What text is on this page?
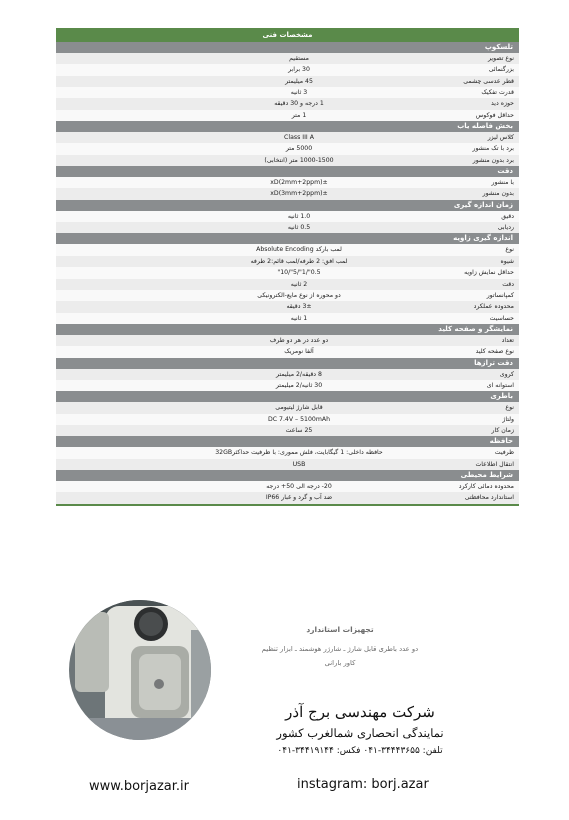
مشخصات فنی
تلسکوپ
نوع تصویر
مستقیم
بزرگنمائی
30 برابر
قطر عدسی چشمی
45 میلیمتر
قدرت تفکیک
3 ثانیه
حوزه دید
1 درجه و 30 دقیقه
حداقل فوکوس
1 متر
بخش فاصله یاب
کلاس لیزر
Class III A
برد با تک منشور
5000 متر
برد بدون منشور
1000-1500 متر (انتخابی)
دقت
با منشور
±(2mm+2ppm)xD
بدون منشور
±(3mm+2ppm)xD
زمان اندازه گیری
دقیق
1.0 ثانیه
ردیابی
0.5 ثانیه
اندازه گیری زاویه
نوع
لمب بارکد Absolute Encoding
شیوه
لمب افق: 2 طرفه/لمب قائم:2 طرفه
حداقل نمایش زاویه
0.5"/1"/5"/10"
دقت
2 ثانیه
کمپانساتور
دو محوره از نوع مایع-الکترونیکی
محدوده عملکرد
3± دقیقه
حساسیت
1 ثانیه
نمایشگر و صفحه کلید
تعداد
دو عدد در هر دو طرف
نوع صفحه کلید
آلفا نومریک
دقت ترازها
کروی
8 دقیقه/2 میلیمتر
استوانه ای
30 ثانیه/2 میلیمتر
باطری
نوع
قابل شارژ لیتیومی
ولتاژ
DC 7.4V – 5100mAh
زمان کار
25 ساعت
حافظه
ظرفیت
حافظه داخلی: 1 گیگابایت، فلش مموری: با ظرفیت حداکثر32GB
انتقال اطلاعات
USB
شرایط محیطی
محدوده دمائی کارکرد
20- درجه الی 50+ درجه
استاندارد محافظتی
ضد آب و گرد و غبار IP66
تجهیزات استاندارد
دو عدد باطری قابل شارژ ـ شارژر هوشمند ـ ابزار تنظیم
کاور بارانی
شرکت مهندسی برج آذر
نمایندگی انحصاری شمالغرب کشور
تلفن: ۳۴۴۴۳۶۵۵-۰۴۱ فکس: ۳۴۴۱۹۱۴۴-۰۴۱
www.borjazar.ir	instagram: borj.azar
